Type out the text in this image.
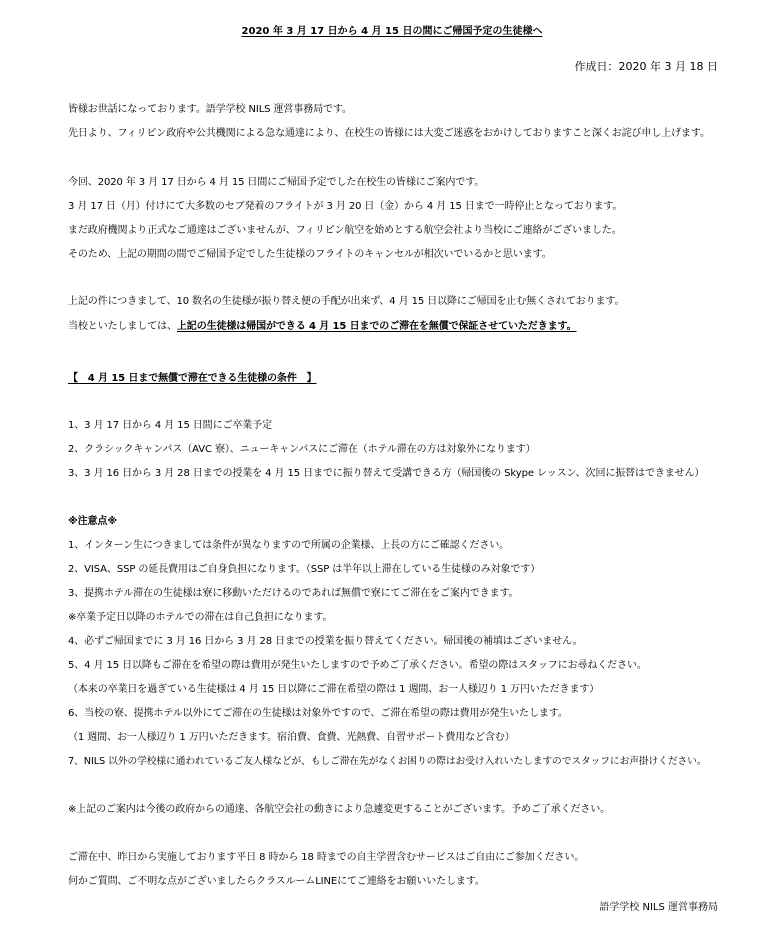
2020 年 3 月 17 日から 4 月 15 日の間にご帰国予定の生徒様へ
作成日：2020 年 3 月 18 日
皆様お世話になっております。語学学校 NILS 運営事務局です。
先日より、フィリピン政府や公共機関による急な通達により、在校生の皆様には大変ご迷惑をおかけしておりますこと深くお詫び申し上げます。
今回、2020 年 3 月 17 日から 4 月 15 日間にご帰国予定でした在校生の皆様にご案内です。
3 月 17 日（月）付けにて大多数のセブ発着のフライトが 3 月 20 日（金）から 4 月 15 日まで一時停止となっております。
まだ政府機関より正式なご通達はございませんが、フィリピン航空を始めとする航空会社より当校にご連絡がございました。
そのため、上記の期間の間でご帰国予定でした生徒様のフライトのキャンセルが相次いでいるかと思います。
上記の件につきまして、10 数名の生徒様が振り替え便の手配が出来ず、4 月 15 日以降にご帰国を止む無くされております。
当校といたしましては、上記の生徒様は帰国ができる 4 月 15 日までのご滞在を無償で保証させていただきます。
【　4 月 15 日まで無償で滞在できる生徒様の条件　】
1、3 月 17 日から 4 月 15 日間にご卒業予定
2、クラシックキャンパス（AVC 寮）、ニューキャンパスにご滞在（ホテル滞在の方は対象外になります）
3、3 月 16 日から 3 月 28 日までの授業を 4 月 15 日までに振り替えて受講できる方（帰国後の Skype レッスン、次回に振替はできません）
※注意点※
1、インターン生につきましては条件が異なりますので所属の企業様、上長の方にご確認ください。
2、VISA、SSP の延長費用はご自身負担になります。（SSP は半年以上滞在している生徒様のみ対象です）
3、提携ホテル滞在の生徒様は寮に移動いただけるのであれば無償で寮にてご滞在をご案内できます。
※卒業予定日以降のホテルでの滞在は自己負担になります。
4、必ずご帰国までに 3 月 16 日から 3 月 28 日までの授業を振り替えてください。帰国後の補填はございません。
5、4 月 15 日以降もご滞在を希望の際は費用が発生いたしますので予めご了承ください。希望の際はスタッフにお尋ねください。
（本来の卒業日を過ぎている生徒様は 4 月 15 日以降にご滞在希望の際は 1 週間、お一人様辺り 1 万円いただきます）
6、当校の寮、提携ホテル以外にてご滞在の生徒様は対象外ですので、ご滞在希望の際は費用が発生いたします。
（1 週間、お一人様辺り 1 万円いただきます。宿泊費、食費、光熱費、自習サポート費用など含む）
7、NILS 以外の学校様に通われているご友人様などが、もしご滞在先がなくお困りの際はお受け入れいたしますのでスタッフにお声掛けください。
※上記のご案内は今後の政府からの通達、各航空会社の動きにより急遽変更することがございます。予めご了承ください。
ご滞在中、昨日から実施しております平日 8 時から 18 時までの自主学習含むサービスはご自由にご参加ください。
何かご質問、ご不明な点がございましたらクラスルームLINEにてご連絡をお願いいたします。
語学学校 NILS 運営事務局
